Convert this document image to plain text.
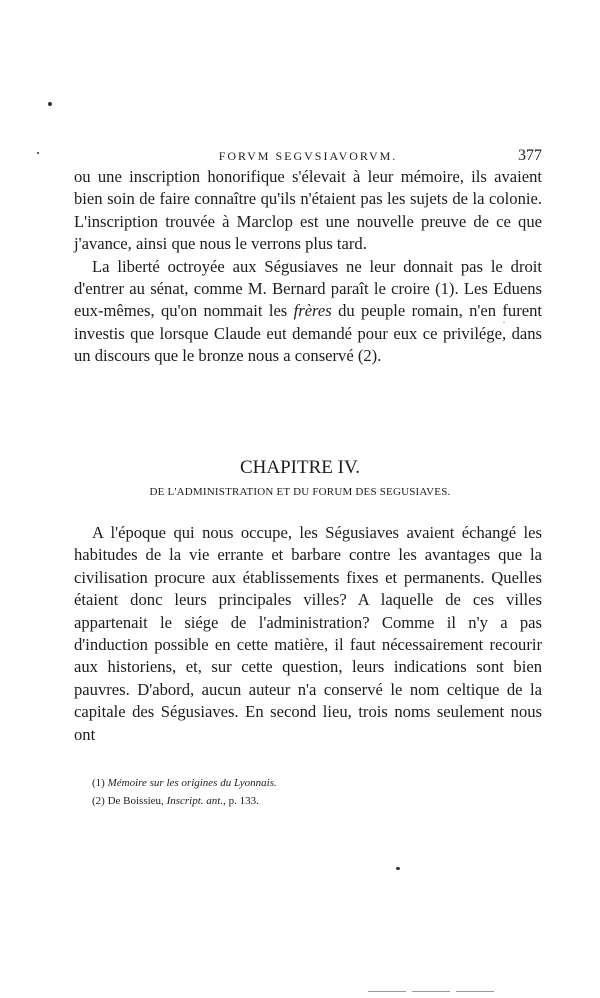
FORVM SEGVSIAVORVM.	377

ou une inscription honorifique s'élevait à leur mémoire, ils avaient bien soin de faire connaître qu'ils n'étaient pas les sujets de la colonie. L'inscription trouvée à Marclop est une nouvelle preuve de ce que j'avance, ainsi que nous le verrons plus tard.

La liberté octroyée aux Ségusiaves ne leur donnait pas le droit d'entrer au sénat, comme M. Bernard paraît le croire (1). Les Eduens eux-mêmes, qu'on nommait les frères du peuple romain, n'en furent investis que lorsque Claude eut demandé pour eux ce privilége, dans un discours que le bronze nous a conservé (2).

CHAPITRE IV.
DE L'ADMINISTRATION ET DU FORUM DES SEGUSIAVES.

A l'époque qui nous occupe, les Ségusiaves avaient échangé les habitudes de la vie errante et barbare contre les avantages que la civilisation procure aux établissements fixes et permanents. Quelles étaient donc leurs principales villes? A laquelle de ces villes appartenait le siége de l'administration? Comme il n'y a pas d'induction possible en cette matière, il faut nécessairement recourir aux historiens, et, sur cette question, leurs indications sont bien pauvres. D'abord, aucun auteur n'a conservé le nom celtique de la capitale des Ségusiaves. En second lieu, trois noms seulement nous ont

(1) Mémoire sur les origines du Lyonnais.
(2) De Boissieu, Inscript. ant., p. 133.
